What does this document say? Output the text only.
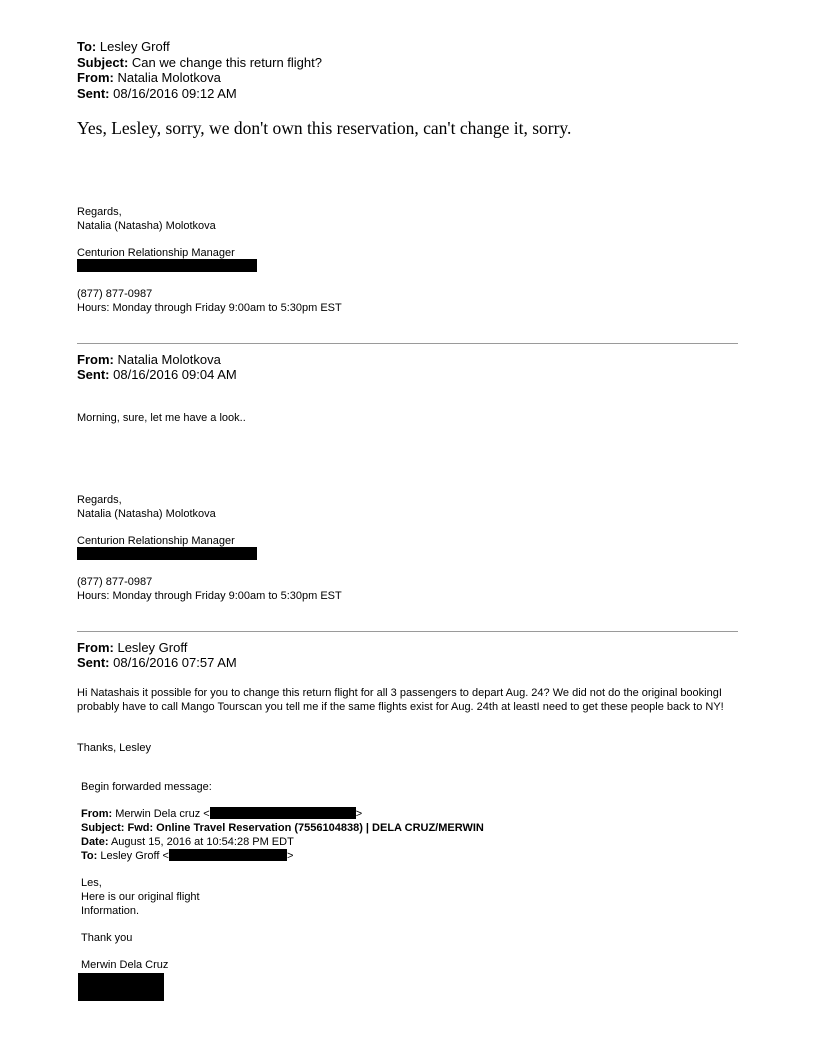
To: Lesley Groff
Subject: Can we change this return flight?
From: Natalia Molotkova
Sent: 08/16/2016 09:12 AM
Yes, Lesley, sorry, we don't own this reservation, can't change it, sorry.
Regards,
Natalia (Natasha) Molotkova
Centurion Relationship Manager
(877) 877-0987
Hours: Monday through Friday 9:00am to 5:30pm EST
From: Natalia Molotkova
Sent: 08/16/2016 09:04 AM
Morning, sure, let me have a look..
Regards,
Natalia (Natasha) Molotkova
Centurion Relationship Manager
(877) 877-0987
Hours: Monday through Friday 9:00am to 5:30pm EST
From: Lesley Groff
Sent: 08/16/2016 07:57 AM
Hi Natashais it possible for you to change this return flight for all 3 passengers to depart Aug. 24? We did not do the original bookingI probably have to call Mango Tourscan you tell me if the same flights exist for Aug. 24th at leastI need to get these people back to NY!
Thanks, Lesley
Begin forwarded message:
From: Merwin Dela cruz <	>
Subject: Fwd: Online Travel Reservation (7556104838) | DELA CRUZ/MERWIN
Date: August 15, 2016 at 10:54:28 PM EDT
To: Lesley Groff <	>
Les,
Here is our original flight
Information.
Thank you
Merwin Dela Cruz
